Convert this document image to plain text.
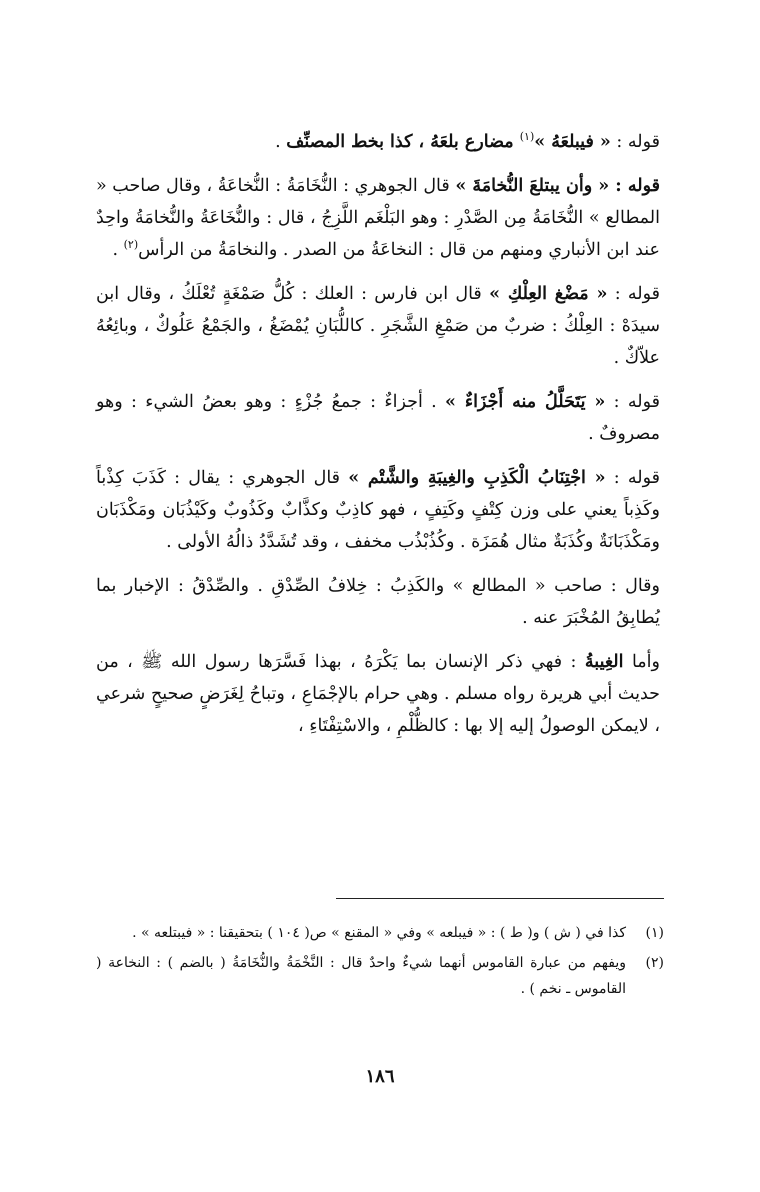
قوله : « فيبلعَهُ »$^{(١)}$ مضارع بلعَهُ ، كذا بخط المصنِّف .

قوله : « وأن يبتلعَ النُّخامَةَ » قال الجوهري : النُّخَامَةُ : النُّخاعَةُ ، وقال صاحب « المطالع » النُّخَامَةُ مِن الصَّدْرِ : وهو البَلْغَم اللَّزِجُ ، قال : والنُّخَاعَةُ والنُّخامَةُ واحِدٌ عند ابن الأنباري ومنهم من قال : النخاعَةُ من الصدر . والنخامَةُ من الرأس$^{(٢)}$ .

قوله : « مَضْغ العِلْكِ » قال ابن فارس : العلك : كُلُّ صَمْغَةٍ تُعْلَكُ ، وقال ابن سيدَهْ : العِلْكُ : ضربٌ من صَمْغِ الشَّجَرِ . كاللُّبَانِ يُمْضَغُ ، والجَمْعُ عَلُوكٌ ، وبائِعُهُ علاّكٌ .

قوله : « يَتَحَلَّلُ منه أَجْزَاءٌ » . أجزاءٌ : جمعُ جُزْءٍ : وهو بعضُ الشيء : وهو مصروفٌ .

قوله : « اجْتِنَابُ الْكَذِبِ والغِيبَةِ والشَّتْم » قال الجوهري : يقال : كَذَبَ كِذْباً وكَذِباً يعني على وزن كِتْفٍ وكَتِفٍ ، فهو كاذِبٌ وكذَّابٌ وكَذُوبٌ وكَيْذُبَان ومَكْذَبَان ومَكْذَبَانَةٌ وكُذَبَةٌ مثال هُمَزَة . وكُذُبْذُب مخفف ، وقد تُشَدَّدُ ذالُهُ الأولى .

وقال : صاحب « المطالع » والكَذِبُ : خِلافُ الصِّدْقِ . والصِّدْقُ : الإخبار بما يُطابِقُ المُخْبَرَ عنه .

وأما الغِيبةُ : فهي ذكر الإنسان بما يَكْرَهُ ، بهذا فَسَّرَها رسول الله ﷺ ، من حديث أبي هريرة رواه مسلم . وهي حرام بالإجْمَاعِ ، وتباحُ لِغَرَضٍ صحيحٍ شرعي ، لايمكن الوصولُ إليه إلا بها : كالظُّلْمِ ، والاسْتِفْتَاءِ ،

(١)
كذا في ( ش ) و( ط ) : « فيبلعه » وفي « المقنع » ص( ١٠٤ ) بتحقيقنا : « فيبتلعه » .

(٢)
ويفهم من عبارة القاموس أنهما شيءٌ واحدٌ قال : النَّخْمَةُ والنُّخَامَةُ ( بالضم ) : النخاعة ( القاموس ـ نخم ) .

١٨٦
